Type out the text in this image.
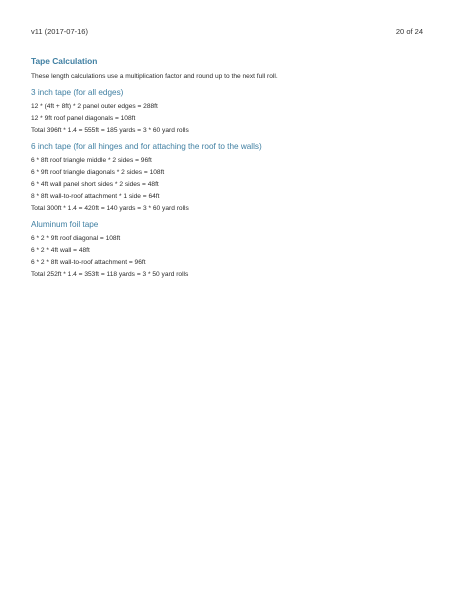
v11 (2017-07-16)	20 of 24
Tape Calculation
These length calculations use a multiplication factor and round up to the next full roll.
3 inch tape (for all edges)
12 * (4ft + 8ft) * 2 panel outer edges = 288ft
12 * 9ft roof panel diagonals = 108ft
Total 396ft * 1.4 = 555ft = 185 yards = 3 * 60 yard rolls
6 inch tape (for all hinges and for attaching the roof to the walls)
6 * 8ft roof triangle middle * 2 sides = 96ft
6 * 9ft roof triangle diagonals * 2 sides = 108ft
6 * 4ft wall panel short sides * 2 sides = 48ft
8 * 8ft wall-to-roof attachment * 1 side = 64ft
Total 300ft * 1.4 = 420ft = 140 yards = 3 * 60 yard rolls
Aluminum foil tape
6 * 2 * 9ft roof diagonal = 108ft
6 * 2 * 4ft wall = 48ft
6 * 2 * 8ft wall-to-roof attachment = 96ft
Total 252ft * 1.4 = 353ft = 118 yards = 3 * 50 yard rolls
